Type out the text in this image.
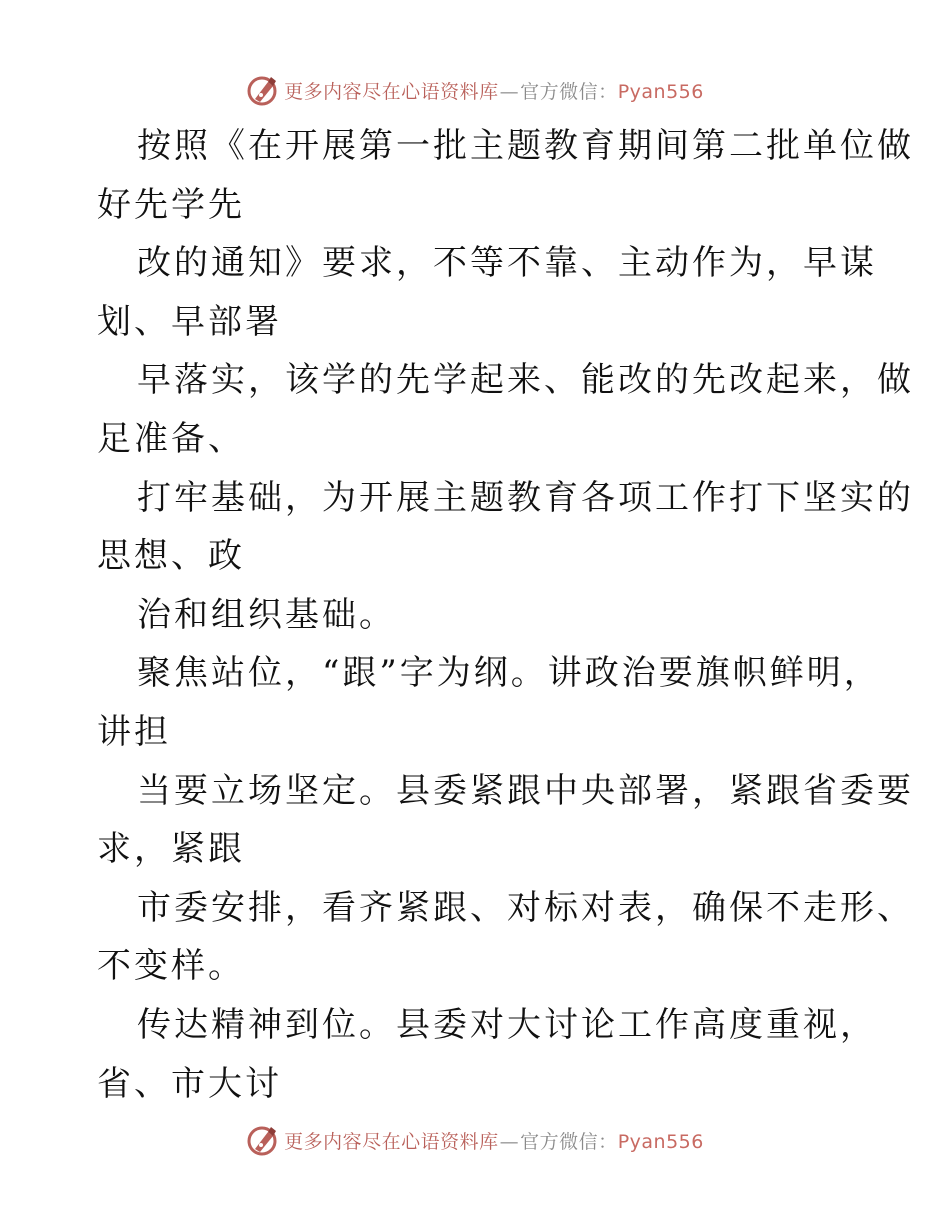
更多内容尽在心语资料库—官方微信：Pyan556
按照《在开展第一批主题教育期间第二批单位做
好先学先
改的通知》要求，不等不靠、主动作为，早谋
划、早部署
早落实，该学的先学起来、能改的先改起来，做
足准备、
打牢基础，为开展主题教育各项工作打下坚实的
思想、政
治和组织基础。
聚焦站位，“跟”字为纲。讲政治要旗帜鲜明，
讲担
当要立场坚定。县委紧跟中央部署，紧跟省委要
求，紧跟
市委安排，看齐紧跟、对标对表，确保不走形、
不变样。
传达精神到位。县委对大讨论工作高度重视，
省、市大讨
更多内容尽在心语资料库—官方微信：Pyan556
